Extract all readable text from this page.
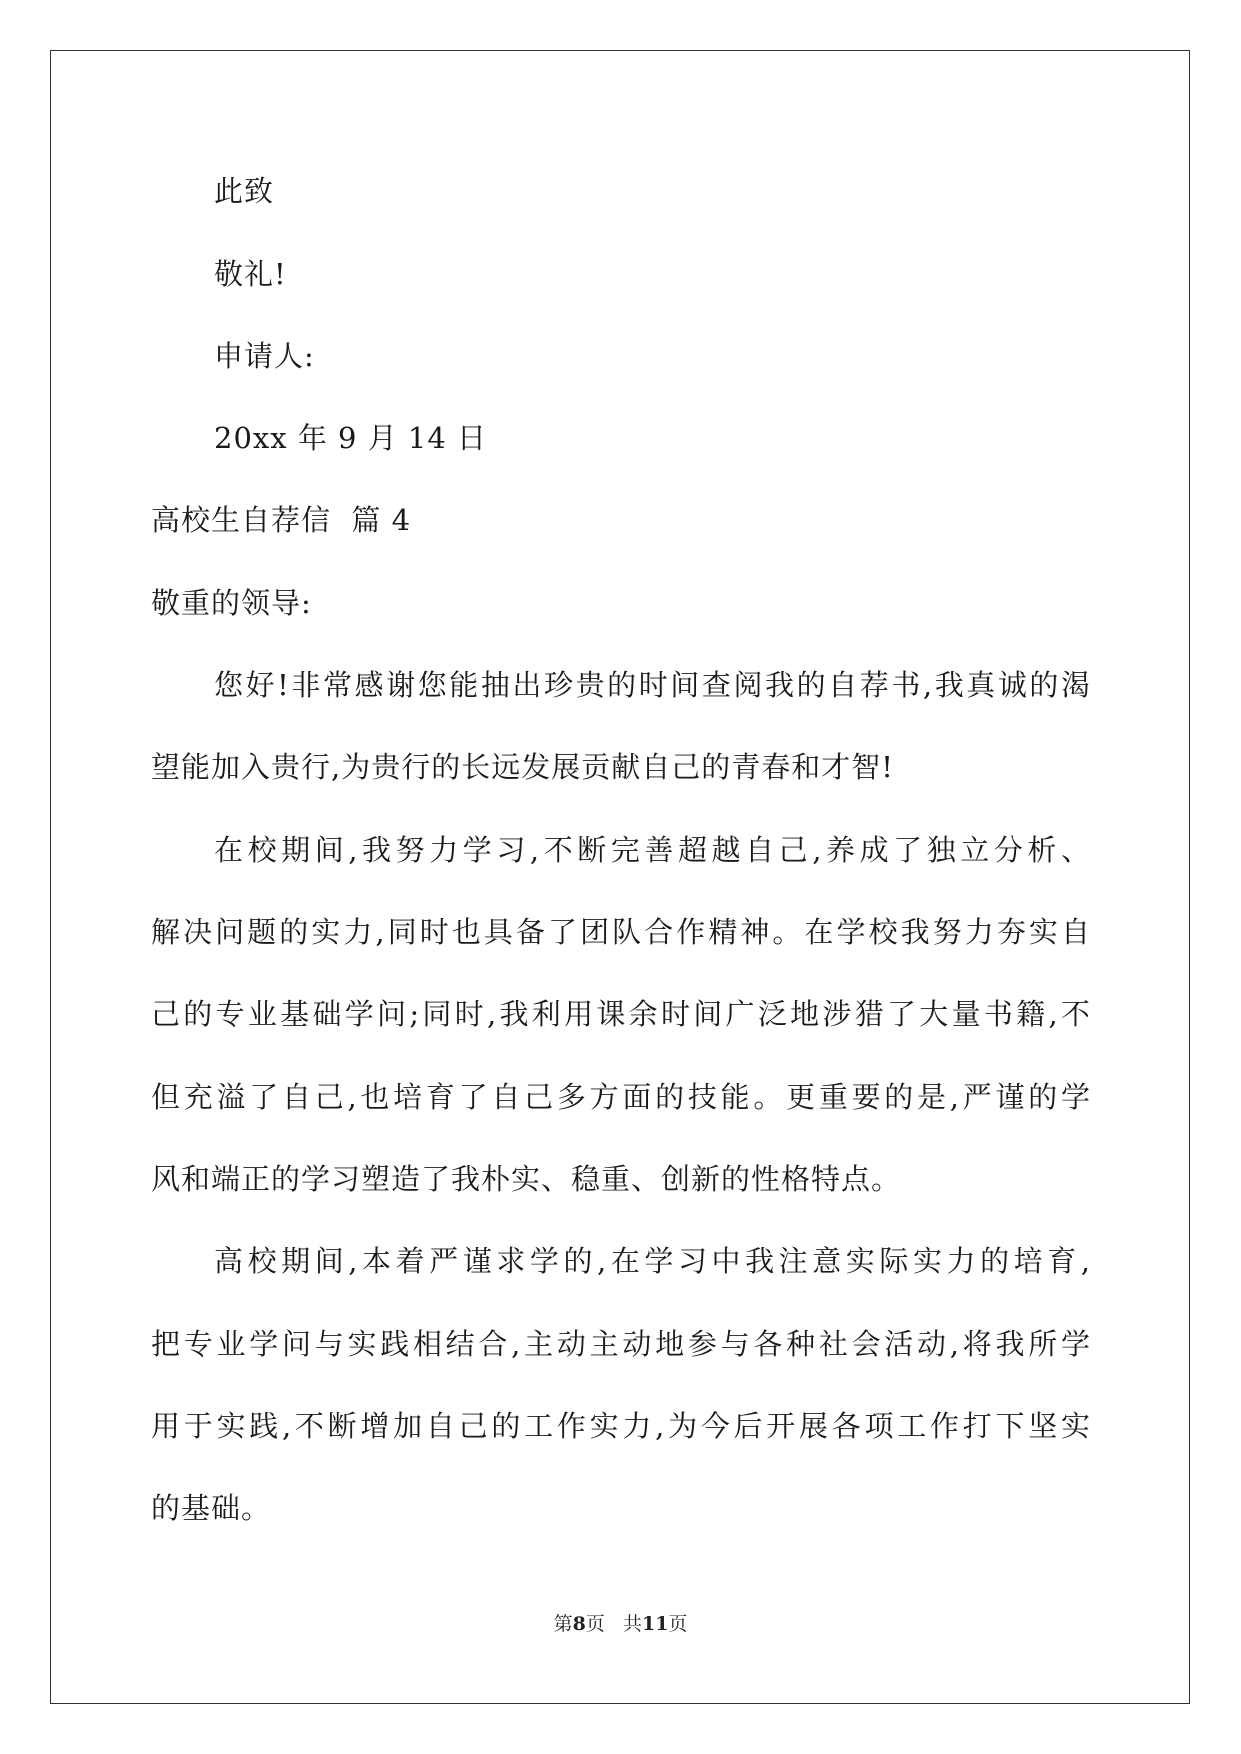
此致
敬礼!
申请人:
20xx 年 9 月 14 日
高校生自荐信  篇 4
敬重的领导:
您好!非常感谢您能抽出珍贵的时间查阅我的自荐书,我真诚的渴
望能加入贵行,为贵行的长远发展贡献自己的青春和才智!
在校期间,我努力学习,不断完善超越自己,养成了独立分析、
解决问题的实力,同时也具备了团队合作精神。在学校我努力夯实自
己的专业基础学问;同时,我利用课余时间广泛地涉猎了大量书籍,不
但充溢了自己,也培育了自己多方面的技能。更重要的是,严谨的学
风和端正的学习塑造了我朴实、稳重、创新的性格特点。
高校期间,本着严谨求学的,在学习中我注意实际实力的培育,
把专业学问与实践相结合,主动主动地参与各种社会活动,将我所学
用于实践,不断增加自己的工作实力,为今后开展各项工作打下坚实
的基础。
第8页 共11页
